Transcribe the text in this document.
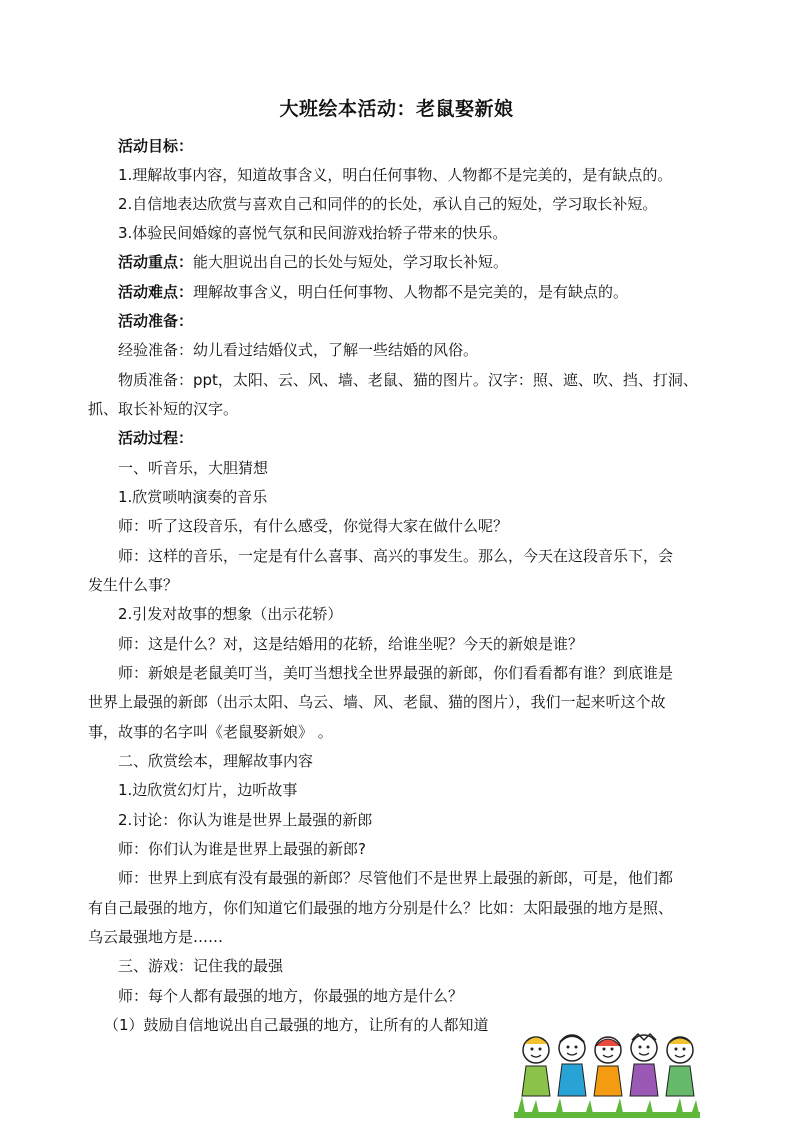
大班绘本活动：老鼠娶新娘
活动目标：
1.理解故事内容，知道故事含义，明白任何事物、人物都不是完美的，是有缺点的。
2.自信地表达欣赏与喜欢自己和同伴的的长处，承认自己的短处，学习取长补短。
3.体验民间婚嫁的喜悦气氛和民间游戏抬轿子带来的快乐。
活动重点：能大胆说出自己的长处与短处，学习取长补短。
活动难点：理解故事含义，明白任何事物、人物都不是完美的，是有缺点的。
活动准备：
经验准备：幼儿看过结婚仪式，了解一些结婚的风俗。
物质准备：ppt，太阳、云、风、墙、老鼠、猫的图片。汉字：照、遮、吹、挡、打洞、
抓、取长补短的汉字。
活动过程：
一、听音乐，大胆猜想
1.欣赏唢呐演奏的音乐
师：听了这段音乐，有什么感受，你觉得大家在做什么呢？
师：这样的音乐，一定是有什么喜事、高兴的事发生。那么，今天在这段音乐下，会
发生什么事？
2.引发对故事的想象（出示花轿）
师：这是什么？对，这是结婚用的花轿，给谁坐呢？今天的新娘是谁？
师：新娘是老鼠美叮当，美叮当想找全世界最强的新郎，你们看看都有谁？到底谁是
世界上最强的新郎（出示太阳、乌云、墙、风、老鼠、猫的图片），我们一起来听这个故
事，故事的名字叫《老鼠娶新娘》 。
二、欣赏绘本，理解故事内容
1.边欣赏幻灯片，边听故事
2.讨论：你认为谁是世界上最强的新郎
师：你们认为谁是世界上最强的新郎?
师：世界上到底有没有最强的新郎？尽管他们不是世界上最强的新郎，可是，他们都
有自己最强的地方，你们知道它们最强的地方分别是什么？比如：太阳最强的地方是照、
乌云最强地方是……
三、游戏：记住我的最强
师：每个人都有最强的地方，你最强的地方是什么？
（1）鼓励自信地说出自己最强的地方，让所有的人都知道
